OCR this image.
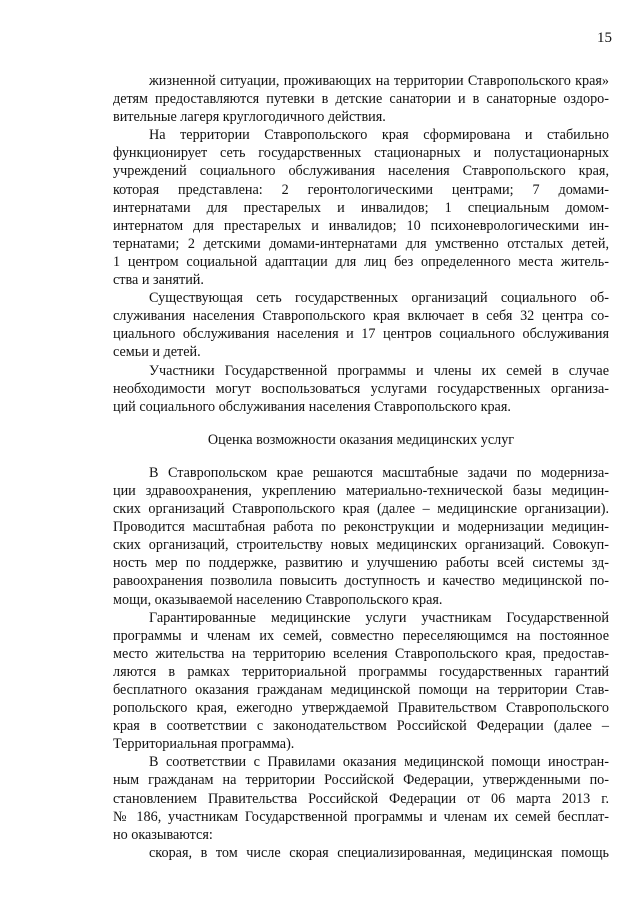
15
жизненной ситуации, проживающих на территории Ставропольского края»
детям предоставляются путевки в детские санатории и в санаторные оздоро-
вительные лагеря круглогодичного действия.
На территории Ставропольского края сформирована и стабильно
функционирует сеть государственных стационарных и полустационарных
учреждений социального обслуживания населения Ставропольского края,
которая представлена: 2 геронтологическими центрами; 7 домами-
интернатами для престарелых и инвалидов; 1 специальным домом-
интернатом для престарелых и инвалидов; 10 психоневрологическими ин-
тернатами; 2 детскими домами-интернатами для умственно отсталых детей,
1 центром социальной адаптации для лиц без определенного места житель-
ства и занятий.
Существующая сеть государственных организаций социального об-
служивания населения Ставропольского края включает в себя 32 центра со-
циального обслуживания населения и 17 центров социального обслуживания
семьи и детей.
Участники Государственной программы и члены их семей в случае
необходимости могут воспользоваться услугами государственных организа-
ций социального обслуживания населения Ставропольского края.
Оценка возможности оказания медицинских услуг
В Ставропольском крае решаются масштабные задачи по модерниза-
ции здравоохранения, укреплению материально-технической базы медицин-
ских организаций Ставропольского края (далее – медицинские организации).
Проводится масштабная работа по реконструкции и модернизации медицин-
ских организаций, строительству новых медицинских организаций. Совокуп-
ность мер по поддержке, развитию и улучшению работы всей системы зд-
равоохранения позволила повысить доступность и качество медицинской по-
мощи, оказываемой населению Ставропольского края.
Гарантированные медицинские услуги участникам Государственной
программы и членам их семей, совместно переселяющимся на постоянное
место жительства на территорию вселения Ставропольского края, предостав-
ляются в рамках территориальной программы государственных гарантий
бесплатного оказания гражданам медицинской помощи на территории Став-
ропольского края, ежегодно утверждаемой Правительством Ставропольского
края в соответствии с законодательством Российской Федерации (далее –
Территориальная программа).
В соответствии с Правилами оказания медицинской помощи иностран-
ным гражданам на территории Российской Федерации, утвержденными по-
становлением Правительства Российской Федерации от 06 марта 2013 г.
№ 186, участникам Государственной программы и членам их семей бесплат-
но оказываются:
скорая, в том числе скорая специализированная, медицинская помощь
